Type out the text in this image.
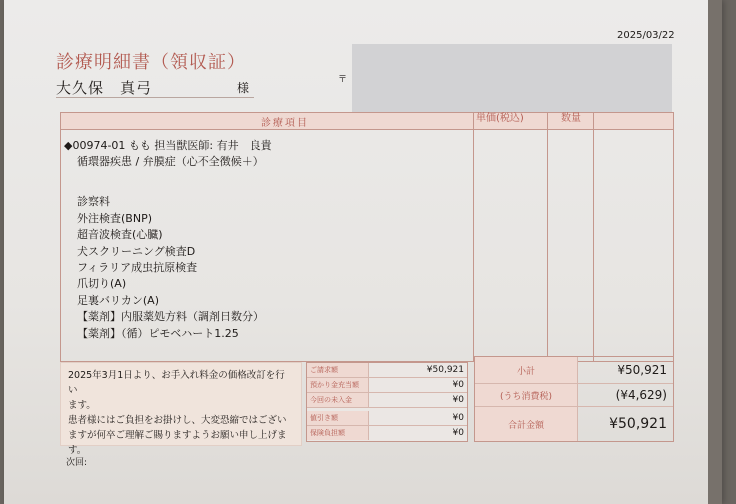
2025/03/22
診療明細書（領収証）
大久保　真弓	様
〒
診療項目	単価(税込)	数量
◆00974-01 もも 担当獣医師: 有井　良貴
循環器疾患 / 弁膜症（心不全徴候＋）
診察料
外注検査(BNP)
超音波検査(心臓)
犬スクリーニング検査D
フィラリア成虫抗原検査
爪切り(A)
足裏バリカン(A)
【薬剤】内服薬処方料（調剤日数分）
【薬剤】（循）ピモベハート1.25
2025年3月1日より、お手入れ料金の価格改訂を行い
ます。
患者様にはご負担をお掛けし、大変恐縮ではござい
ますが何卒ご理解ご賜りますようお願い申し上げま
す。
ご請求額	¥50,921
預かり金充当額	¥0
今回の未入金	¥0
値引き額	¥0
保険負担額	¥0
小計	¥50,921
(うち消費税)	(¥4,629)
合計金額	¥50,921
次回:
